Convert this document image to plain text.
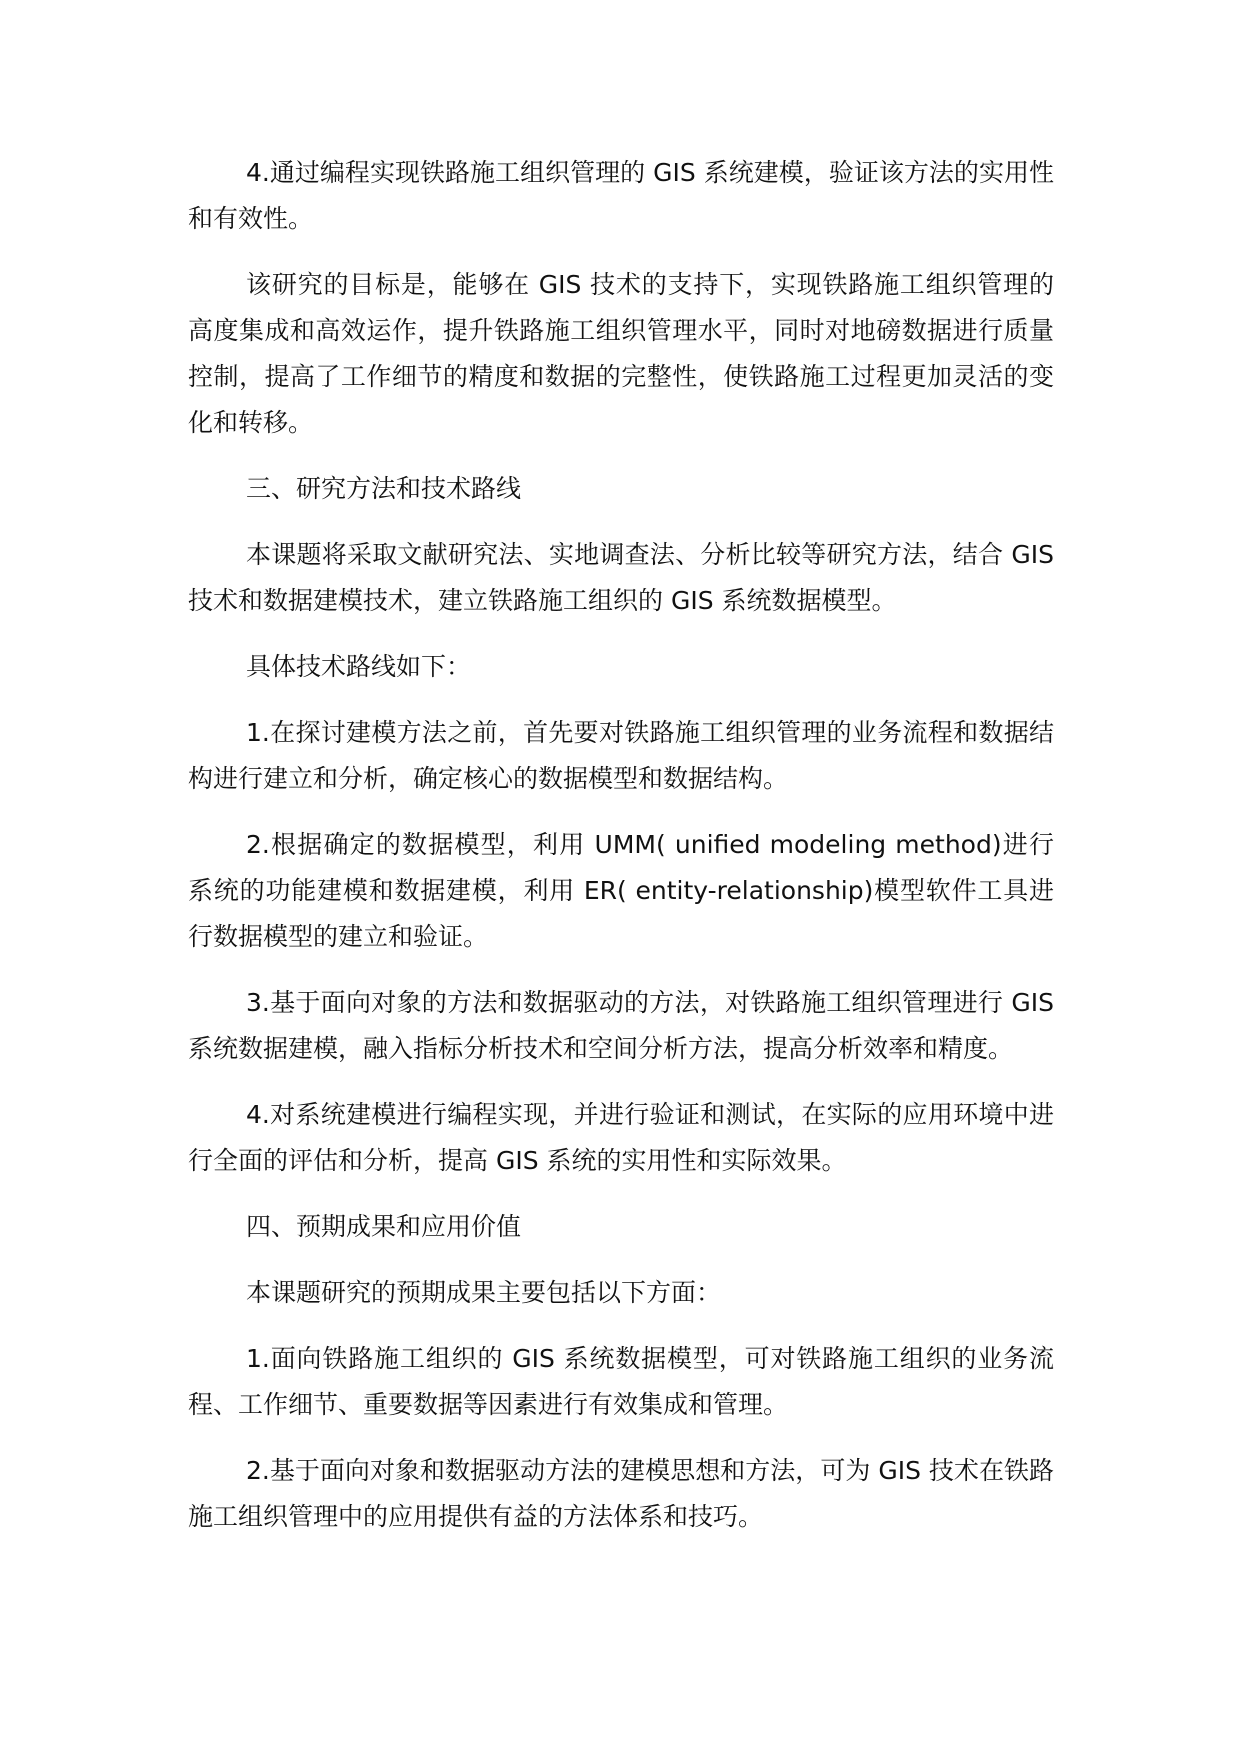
4.通过编程实现铁路施工组织管理的 GIS 系统建模，验证该方法的实用性和有效性。

该研究的目标是，能够在 GIS 技术的支持下，实现铁路施工组织管理的高度集成和高效运作，提升铁路施工组织管理水平，同时对地磅数据进行质量控制，提高了工作细节的精度和数据的完整性，使铁路施工过程更加灵活的变化和转移。

三、研究方法和技术路线

本课题将采取文献研究法、实地调查法、分析比较等研究方法，结合 GIS 技术和数据建模技术，建立铁路施工组织的 GIS 系统数据模型。

具体技术路线如下：

1.在探讨建模方法之前，首先要对铁路施工组织管理的业务流程和数据结构进行建立和分析，确定核心的数据模型和数据结构。

2.根据确定的数据模型，利用 UMM( unified modeling method)进行系统的功能建模和数据建模，利用 ER( entity-relationship)模型软件工具进行数据模型的建立和验证。

3.基于面向对象的方法和数据驱动的方法，对铁路施工组织管理进行 GIS 系统数据建模，融入指标分析技术和空间分析方法，提高分析效率和精度。

4.对系统建模进行编程实现，并进行验证和测试，在实际的应用环境中进行全面的评估和分析，提高 GIS 系统的实用性和实际效果。

四、预期成果和应用价值

本课题研究的预期成果主要包括以下方面：

1.面向铁路施工组织的 GIS 系统数据模型，可对铁路施工组织的业务流程、工作细节、重要数据等因素进行有效集成和管理。

2.基于面向对象和数据驱动方法的建模思想和方法，可为 GIS 技术在铁路施工组织管理中的应用提供有益的方法体系和技巧。
